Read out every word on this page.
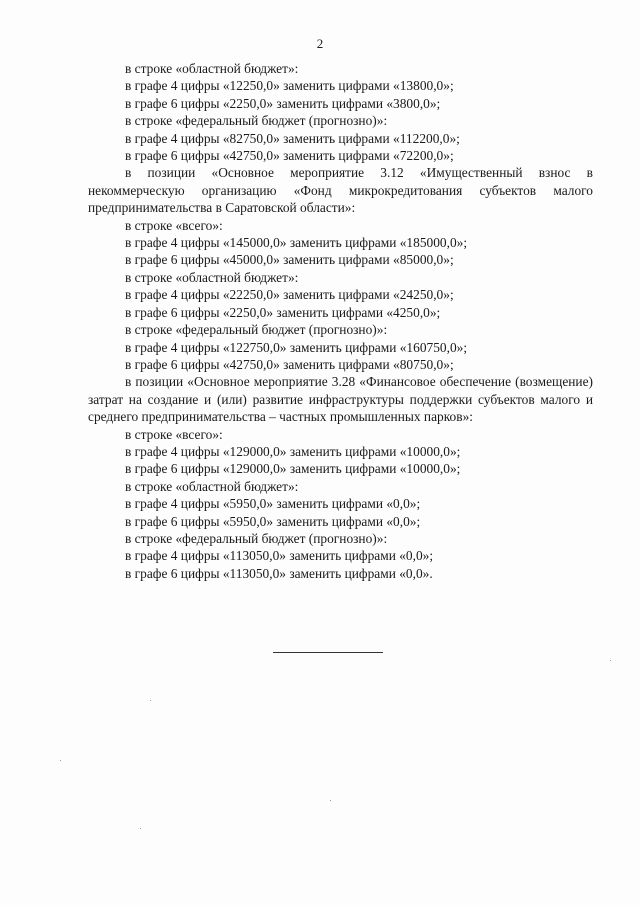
2
в строке «областной бюджет»:
в графе 4 цифры «12250,0» заменить цифрами «13800,0»;
в графе 6 цифры «2250,0» заменить цифрами «3800,0»;
в строке «федеральный бюджет (прогнозно)»:
в графе 4 цифры «82750,0» заменить цифрами «112200,0»;
в графе 6 цифры «42750,0» заменить цифрами «72200,0»;
в позиции «Основное мероприятие 3.12 «Имущественный взнос в некоммерческую организацию «Фонд микрокредитования субъектов малого предпринимательства в Саратовской области»:
в строке «всего»:
в графе 4 цифры «145000,0» заменить цифрами «185000,0»;
в графе 6 цифры «45000,0» заменить цифрами «85000,0»;
в строке «областной бюджет»:
в графе 4 цифры «22250,0» заменить цифрами «24250,0»;
в графе 6 цифры «2250,0» заменить цифрами «4250,0»;
в строке «федеральный бюджет (прогнозно)»:
в графе 4 цифры «122750,0» заменить цифрами «160750,0»;
в графе 6 цифры «42750,0» заменить цифрами «80750,0»;
в позиции «Основное мероприятие 3.28 «Финансовое обеспечение (возмещение) затрат на создание и (или) развитие инфраструктуры поддержки субъектов малого и среднего предпринимательства – частных промышленных парков»:
в строке «всего»:
в графе 4 цифры «129000,0» заменить цифрами «10000,0»;
в графе 6 цифры «129000,0» заменить цифрами «10000,0»;
в строке «областной бюджет»:
в графе 4 цифры «5950,0» заменить цифрами «0,0»;
в графе 6 цифры «5950,0» заменить цифрами «0,0»;
в строке «федеральный бюджет (прогнозно)»:
в графе 4 цифры «113050,0» заменить цифрами «0,0»;
в графе 6 цифры «113050,0» заменить цифрами «0,0».
